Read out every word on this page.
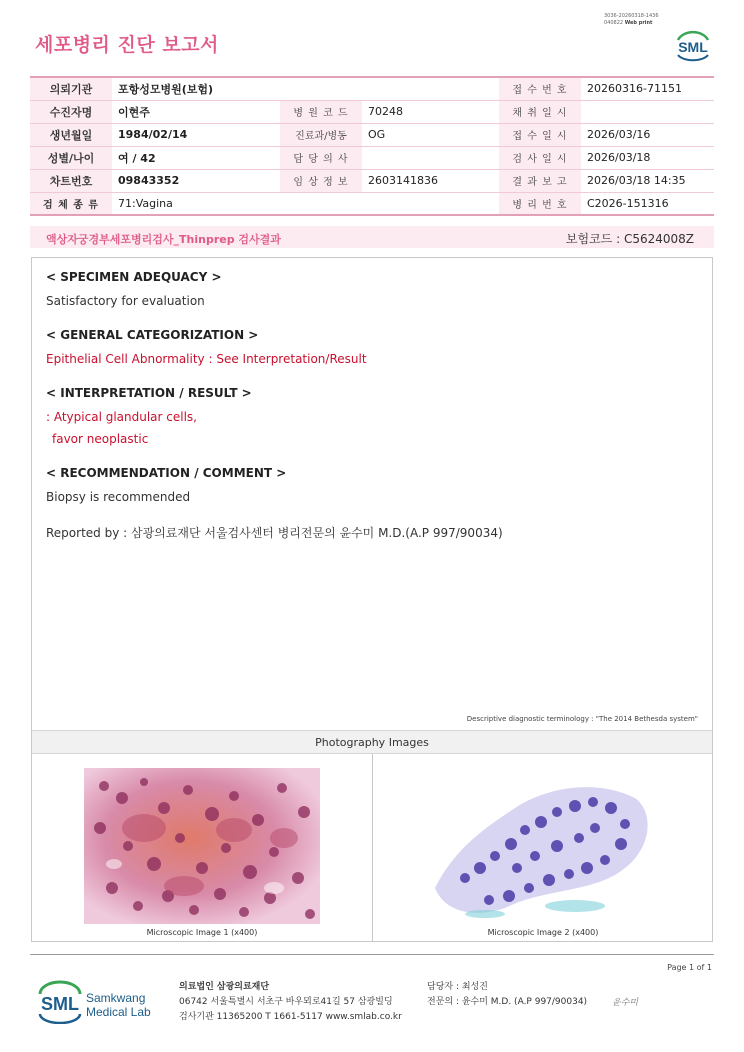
3036-20260318-1436
040822 Web print
세포병리 진단 보고서	SML
의뢰기관	포항성모병원(보험)			접 수 번 호	20260316-71151
수진자명	이현주	병 원 코 드	70248	채 취 일 시	
생년월일	1984/02/14	진료과/병동	OG	접 수 일 시	2026/03/16
성별/나이	여 / 42	담 당 의 사		검 사 일 시	2026/03/18
차트번호	09843352	임 상 정 보	2603141836	결 과 보 고	2026/03/18 14:35
검 체 종 류	71:Vagina			병 리 번 호	C2026-151316
액상자궁경부세포병리검사_Thinprep 검사결과	보험코드 : C5624008Z
< SPECIMEN ADEQUACY >
Satisfactory for evaluation
< GENERAL CATEGORIZATION >
Epithelial Cell Abnormality : See Interpretation/Result
< INTERPRETATION / RESULT >
: Atypical glandular cells,
favor neoplastic
< RECOMMENDATION / COMMENT >
Biopsy is recommended
Reported by : 삼광의료재단 서울검사센터 병리전문의 윤수미 M.D.(A.P 997/90034)
Descriptive diagnostic terminology : "The 2014 Bethesda system"
Photography Images
Microscopic Image 1 (x400)	Microscopic Image 2 (x400)
Page 1 of 1
SML Samkwang
Medical Lab
의료법인 삼광의료재단
06742 서울특별시 서초구 바우뫼로41길 57 삼광빌딩
검사기관 11365200 T 1661-5117 www.smlab.co.kr
담당자 : 최성진
전문의 : 윤수미 M.D. (A.P 997/90034)	윤수미
